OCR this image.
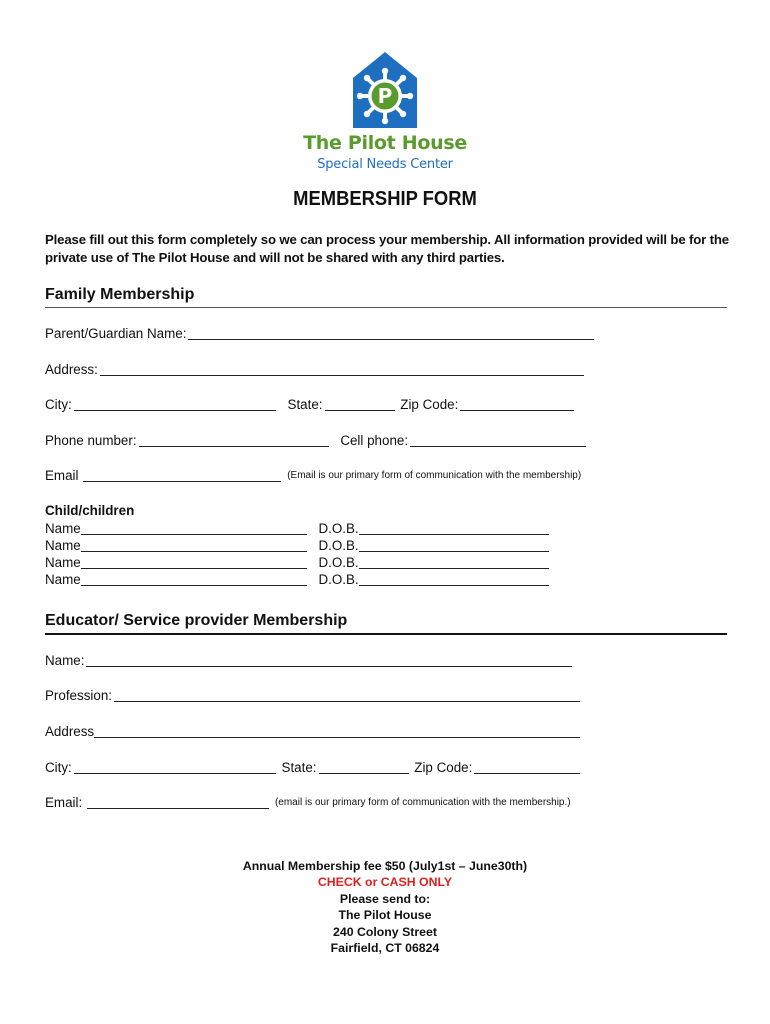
P
The Pilot House
Special Needs Center
MEMBERSHIP FORM
Please fill out this form completely so we can process your membership. All information provided will be for the private use of The Pilot House and will not be shared with any third parties.
Family Membership
Parent/Guardian Name:
Address:
City:	State:	Zip Code:
Phone number:	Cell phone:
Email	(Email is our primary form of communication with the membership)
Child/children
Name	D.O.B.
Name	D.O.B.
Name	D.O.B.
Name	D.O.B.
Educator/ Service provider Membership
Name:
Profession:
Address
City:	State:	Zip Code:
Email:	(email is our primary form of communication with the membership.)
Annual Membership fee $50 (July1st – June30th)
CHECK or CASH ONLY
Please send to:
The Pilot House
240 Colony Street
Fairfield, CT 06824
